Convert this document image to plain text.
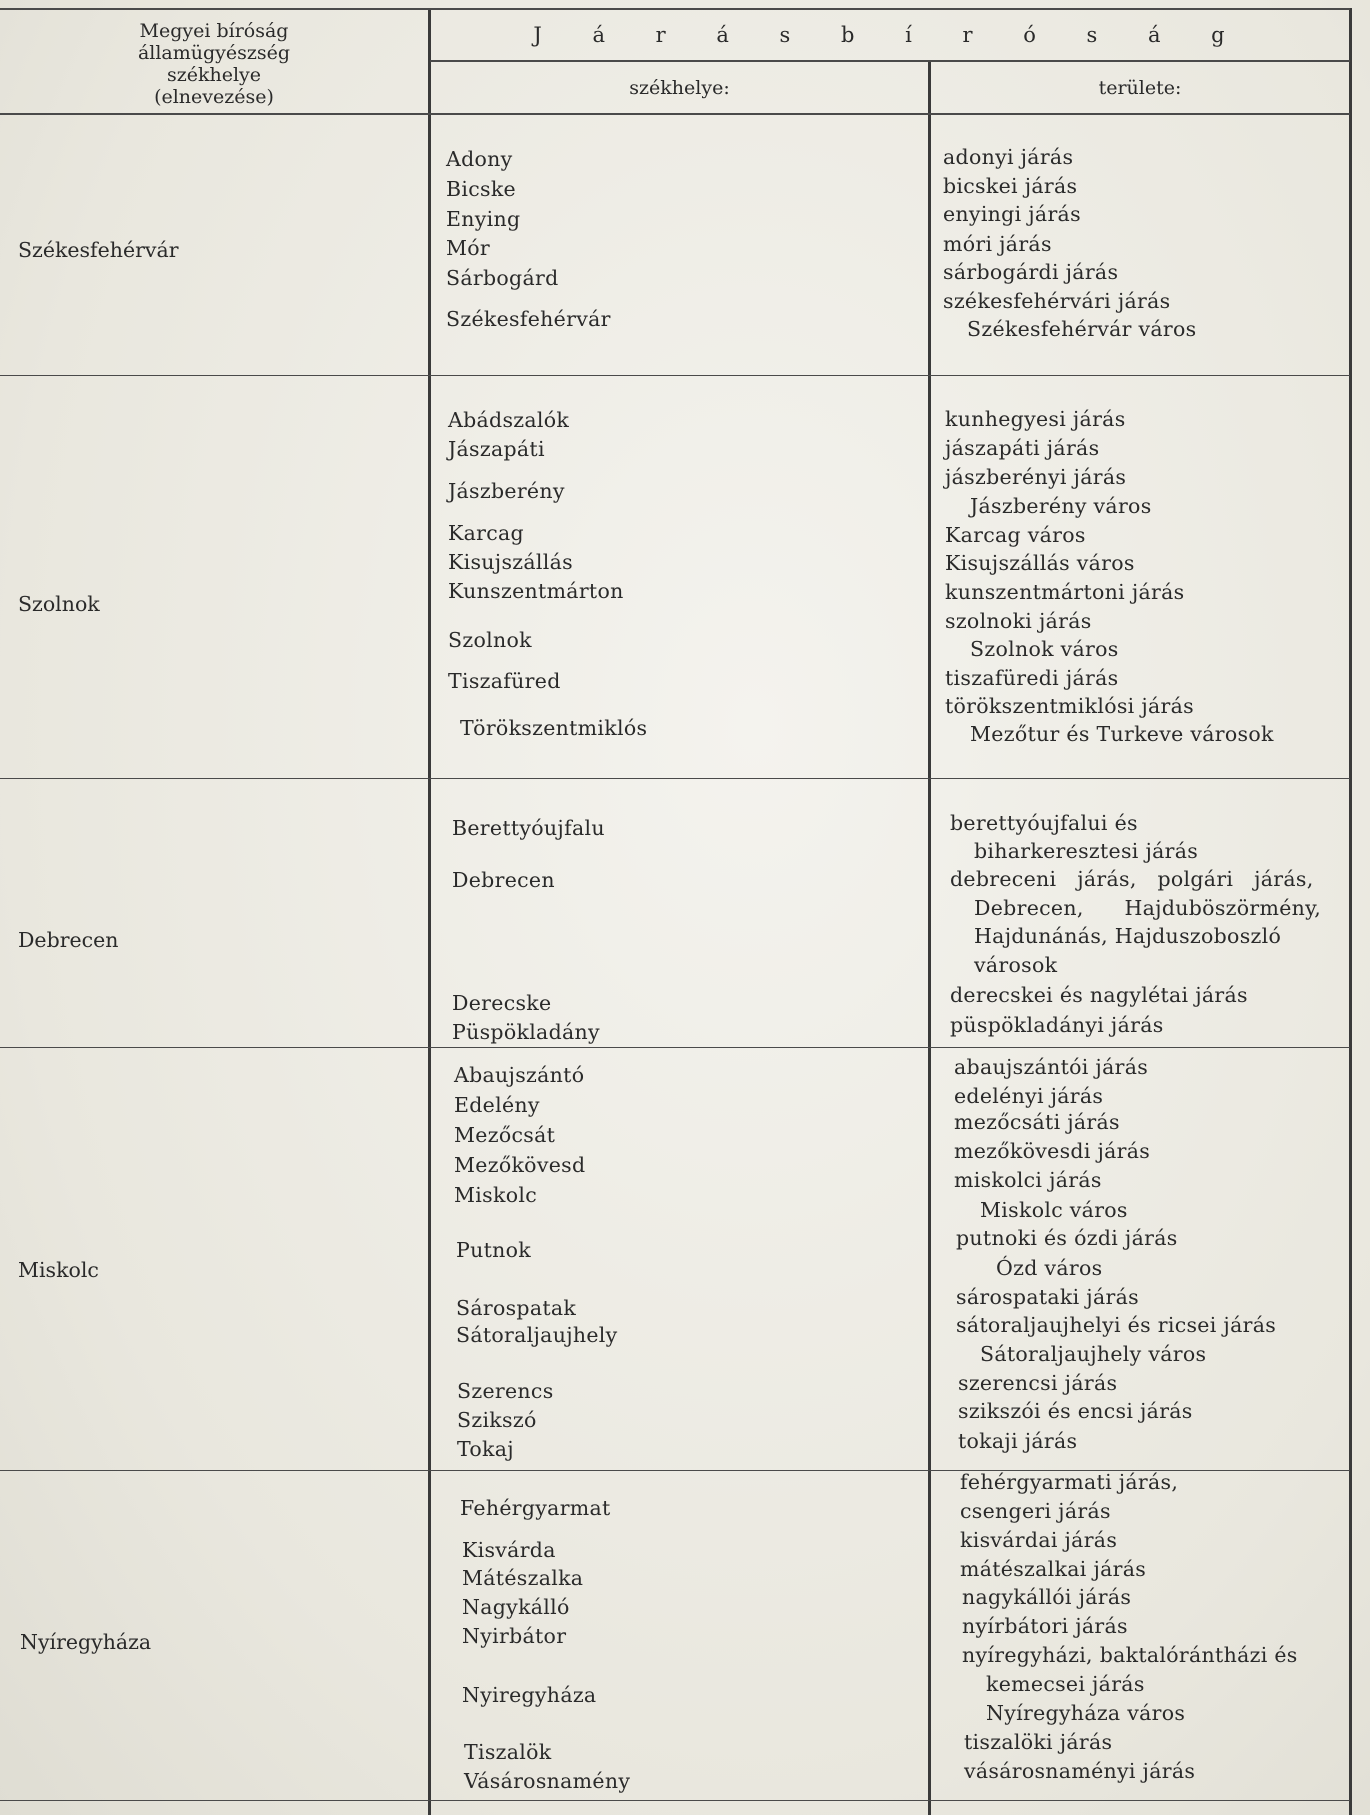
Megyei bíróság
államügyészség
székhelye
(elnevezése)
J á r á s b í r ó s á g
székhelye:	területe:
Székesfehérvár
Adony
Bicske
Enying
Mór
Sárbogárd
Székesfehérvár
adonyi járás
bicskei járás
enyingi járás
móri járás
sárbogárdi járás
székesfehérvári járás
Székesfehérvár város
Szolnok
Abádszalók
Jászapáti
Jászberény
Karcag
Kisujszállás
Kunszentmárton
Szolnok
Tiszafüred
Törökszentmiklós
kunhegyesi járás
jászapáti járás
jászberényi járás
Jászberény város
Karcag város
Kisujszállás város
kunszentmártoni járás
szolnoki járás
Szolnok város
tiszafüredi járás
törökszentmiklósi járás
Mezőtur és Turkeve városok
Debrecen
Berettyóujfalu
Debrecen
Derecske
Püspökladány
berettyóujfalui és
biharkeresztesi járás
debreceni járás, polgári járás,
Debrecen, Hajduböszörmény,
Hajdunánás, Hajduszoboszló
városok
derecskei és nagylétai járás
püspökladányi járás
Miskolc
Abaujszántó
Edelény
Mezőcsát
Mezőkövesd
Miskolc
Putnok
Sárospatak
Sátoraljaujhely
Szerencs
Szikszó
Tokaj
abaujszántói járás
edelényi járás
mezőcsáti járás
mezőkövesdi járás
miskolci járás
Miskolc város
putnoki és ózdi járás
Ózd város
sárospataki járás
sátoraljaujhelyi és ricsei járás
Sátoraljaujhely város
szerencsi járás
szikszói és encsi járás
tokaji járás
Nyíregyháza
Fehérgyarmat
Kisvárda
Mátészalka
Nagykálló
Nyirbátor
Nyiregyháza
Tiszalök
Vásárosnamény
fehérgyarmati járás,
csengeri járás
kisvárdai járás
mátészalkai járás
nagykállói járás
nyírbátori járás
nyíregyházi, baktalórántházi és
kemecsei járás
Nyíregyháza város
tiszalöki járás
vásárosnaményi járás
